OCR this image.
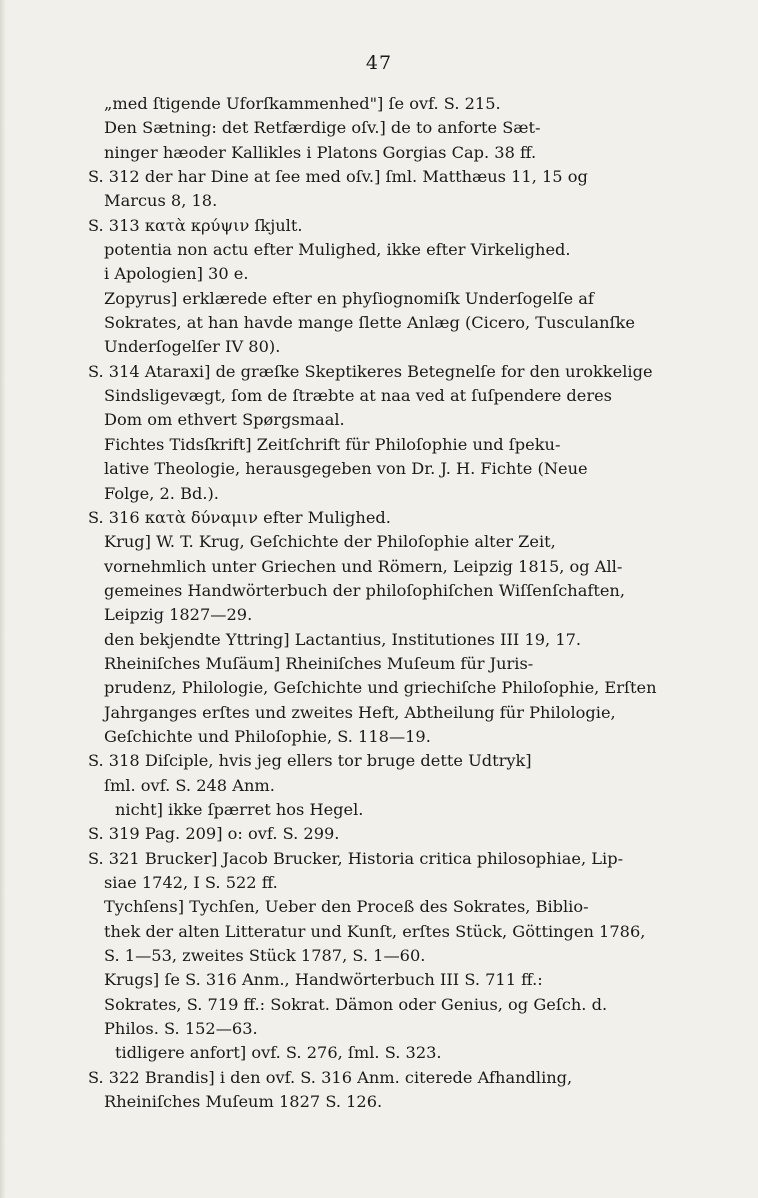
47
„med ſtigende Uforſkammenhed"] ſe ovf. S. 215.
Den Sætning: det Retfærdige oſv.] de to anforte Sæt-
ninger hæoder Kallikles i Platons Gorgias Cap. 38 ff.
S. 312 der har Dine at ſee med oſv.] ſml. Matthæus 11, 15 og
Marcus 8, 18.
S. 313 κατὰ κρύψιν ſkjult.
potentia non actu efter Mulighed, ikke efter Virkelighed.
i Apologien] 30 e.
Zopyrus] erklærede efter en phyſiognomiſk Underſogelſe af
Sokrates, at han havde mange ſlette Anlæg (Cicero, Tusculanſke
Underſogelſer IV 80).
S. 314 Ataraxi] de græſke Skeptikeres Betegnelſe for den urokkelige
Sindsligevægt, ſom de ſtræbte at naa ved at ſuſpendere deres
Dom om ethvert Spørgsmaal.
Fichtes Tidsſkrift] Zeitſchrift für Philoſophie und ſpeku-
lative Theologie, herausgegeben von Dr. J. H. Fichte (Neue
Folge, 2. Bd.).
S. 316 κατὰ δύναμιν efter Mulighed.
Krug] W. T. Krug, Geſchichte der Philoſophie alter Zeit,
vornehmlich unter Griechen und Römern, Leipzig 1815, og All-
gemeines Handwörterbuch der philoſophiſchen Wiſſenſchaften,
Leipzig 1827—29.
den bekjendte Yttring] Lactantius, Institutiones III 19, 17.
Rheiniſches Muſäum] Rheiniſches Muſeum für Juris-
prudenz, Philologie, Geſchichte und griechiſche Philoſophie, Erſten
Jahrganges erſtes und zweites Heft, Abtheilung für Philologie,
Geſchichte und Philoſophie, S. 118—19.
S. 318 Diſciple, hvis jeg ellers tor bruge dette Udtryk]
ſml. ovf. S. 248 Anm.
nicht] ikke ſpærret hos Hegel.
S. 319 Pag. 209] o: ovf. S. 299.
S. 321 Brucker] Jacob Brucker, Historia critica philosophiae, Lip-
siae 1742, I S. 522 ff.
Tychſens] Tychſen, Ueber den Proceß des Sokrates, Biblio-
thek der alten Litteratur und Kunſt, erſtes Stück, Göttingen 1786,
S. 1—53, zweites Stück 1787, S. 1—60.
Krugs] ſe S. 316 Anm., Handwörterbuch III S. 711 ff.:
Sokrates, S. 719 ff.: Sokrat. Dämon oder Genius, og Geſch. d.
Philos. S. 152—63.
tidligere anfort] ovf. S. 276, ſml. S. 323.
S. 322 Brandis] i den ovf. S. 316 Anm. citerede Afhandling,
Rheiniſches Muſeum 1827 S. 126.
